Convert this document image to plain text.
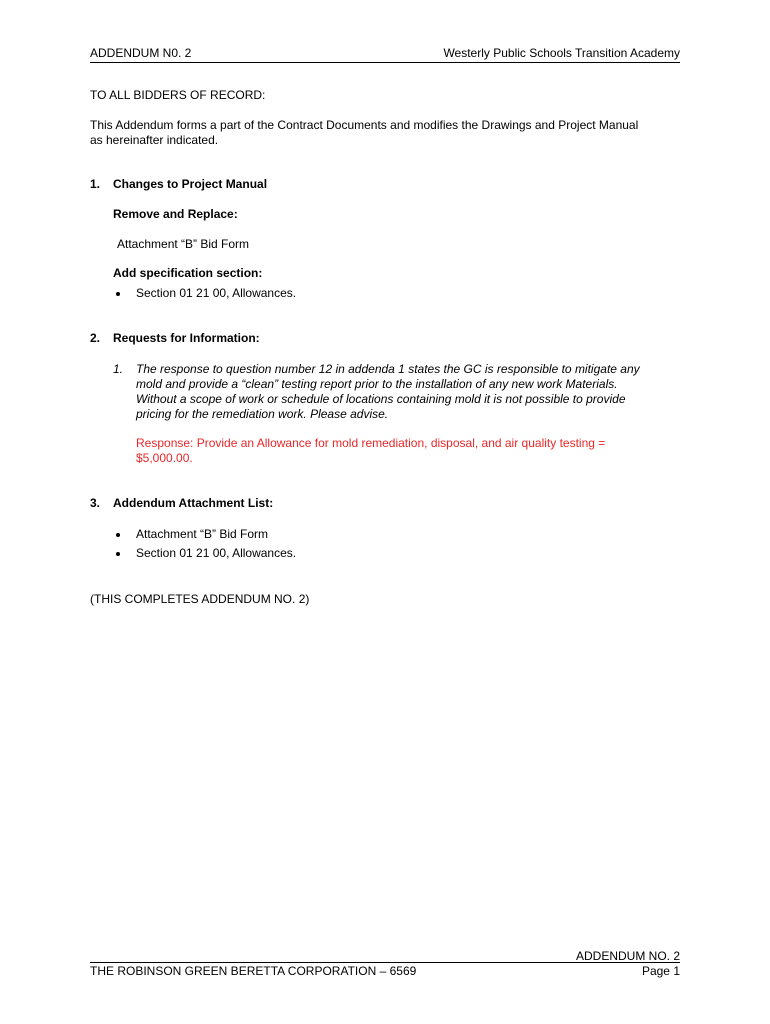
ADDENDUM N0. 2	Westerly Public Schools Transition Academy
TO ALL BIDDERS OF RECORD:
This Addendum forms a part of the Contract Documents and modifies the Drawings and Project Manual
as hereinafter indicated.
1. Changes to Project Manual
Remove and Replace:
Attachment “B” Bid Form
Add specification section:
Section 01 21 00, Allowances.
2. Requests for Information:
1. The response to question number 12 in addenda 1 states the GC is responsible to mitigate any
mold and provide a “clean” testing report prior to the installation of any new work Materials.
Without a scope of work or schedule of locations containing mold it is not possible to provide
pricing for the remediation work. Please advise.
Response: Provide an Allowance for mold remediation, disposal, and air quality testing =
$5,000.00.
3. Addendum Attachment List:
Attachment “B” Bid Form
Section 01 21 00, Allowances.
(THIS COMPLETES ADDENDUM NO. 2)
ADDENDUM NO. 2
THE ROBINSON GREEN BERETTA CORPORATION – 6569	Page 1
